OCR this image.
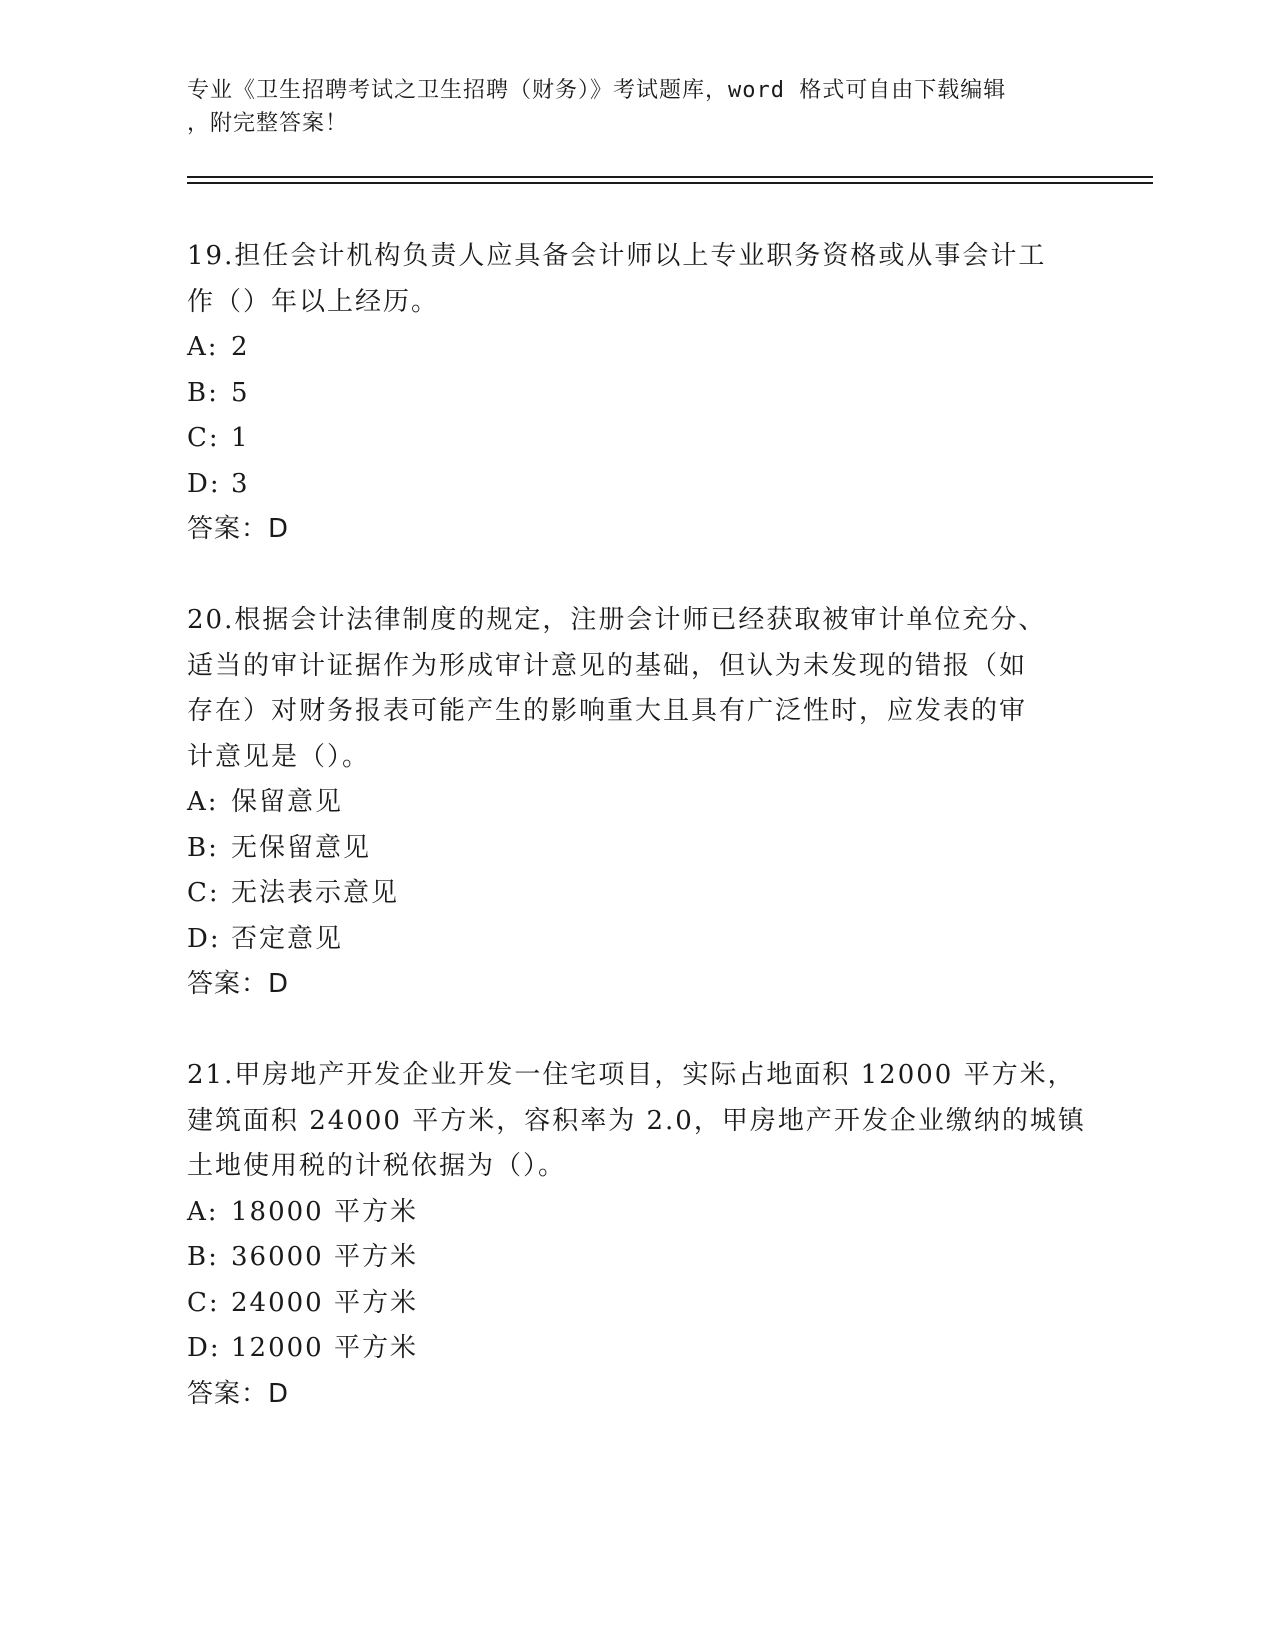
专业《卫生招聘考试之卫生招聘（财务）》考试题库，word 格式可自由下载编辑
，附完整答案！

19.担任会计机构负责人应具备会计师以上专业职务资格或从事会计工
作（）年以上经历。

A: 2
B: 5
C: 1
D: 3
答案：D

20.根据会计法律制度的规定，注册会计师已经获取被审计单位充分、
适当的审计证据作为形成审计意见的基础，但认为未发现的错报（如
存在）对财务报表可能产生的影响重大且具有广泛性时，应发表的审
计意见是（）。

A: 保留意见
B: 无保留意见
C: 无法表示意见
D: 否定意见
答案：D

21.甲房地产开发企业开发一住宅项目，实际占地面积 12000 平方米，
建筑面积 24000 平方米，容积率为 2.0，甲房地产开发企业缴纳的城镇
土地使用税的计税依据为（）。

A: 18000 平方米
B: 36000 平方米
C: 24000 平方米
D: 12000 平方米
答案：D
